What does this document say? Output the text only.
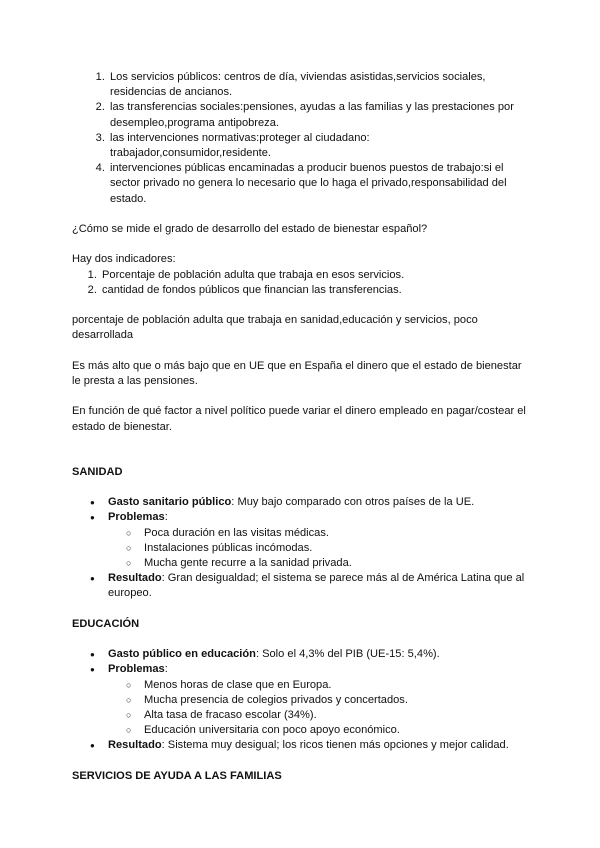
1. Los servicios públicos: centros de día, viviendas asistidas,servicios sociales, residencias de ancianos.
2. las transferencias sociales:pensiones, ayudas a las familias y las prestaciones por desempleo,programa antipobreza.
3. las intervenciones normativas:proteger al ciudadano: trabajador,consumidor,residente.
4. intervenciones públicas encaminadas a producir buenos puestos de trabajo:si el sector privado no genera lo necesario que lo haga el privado,responsabilidad del estado.

¿Cómo se mide el grado de desarrollo del estado de bienestar español?

Hay dos indicadores:

1. Porcentaje de población adulta que trabaja en esos servicios.
2. cantidad de fondos públicos que financian las transferencias.

porcentaje de población adulta que trabaja en sanidad,educación y servicios, poco desarrollada

Es más alto que o más bajo que en UE que en España el dinero que el estado de bienestar le presta a las pensiones.

En función de qué factor a nivel político puede variar el dinero empleado en pagar/costear el estado de bienestar.

SANIDAD

● Gasto sanitario público: Muy bajo comparado con otros países de la UE.
● Problemas:
○ Poca duración en las visitas médicas.
○ Instalaciones públicas incómodas.
○ Mucha gente recurre a la sanidad privada.
● Resultado: Gran desigualdad; el sistema se parece más al de América Latina que al europeo.

EDUCACIÓN

● Gasto público en educación: Solo el 4,3% del PIB (UE-15: 5,4%).
● Problemas:
○ Menos horas de clase que en Europa.
○ Mucha presencia de colegios privados y concertados.
○ Alta tasa de fracaso escolar (34%).
○ Educación universitaria con poco apoyo económico.
● Resultado: Sistema muy desigual; los ricos tienen más opciones y mejor calidad.

SERVICIOS DE AYUDA A LAS FAMILIAS
